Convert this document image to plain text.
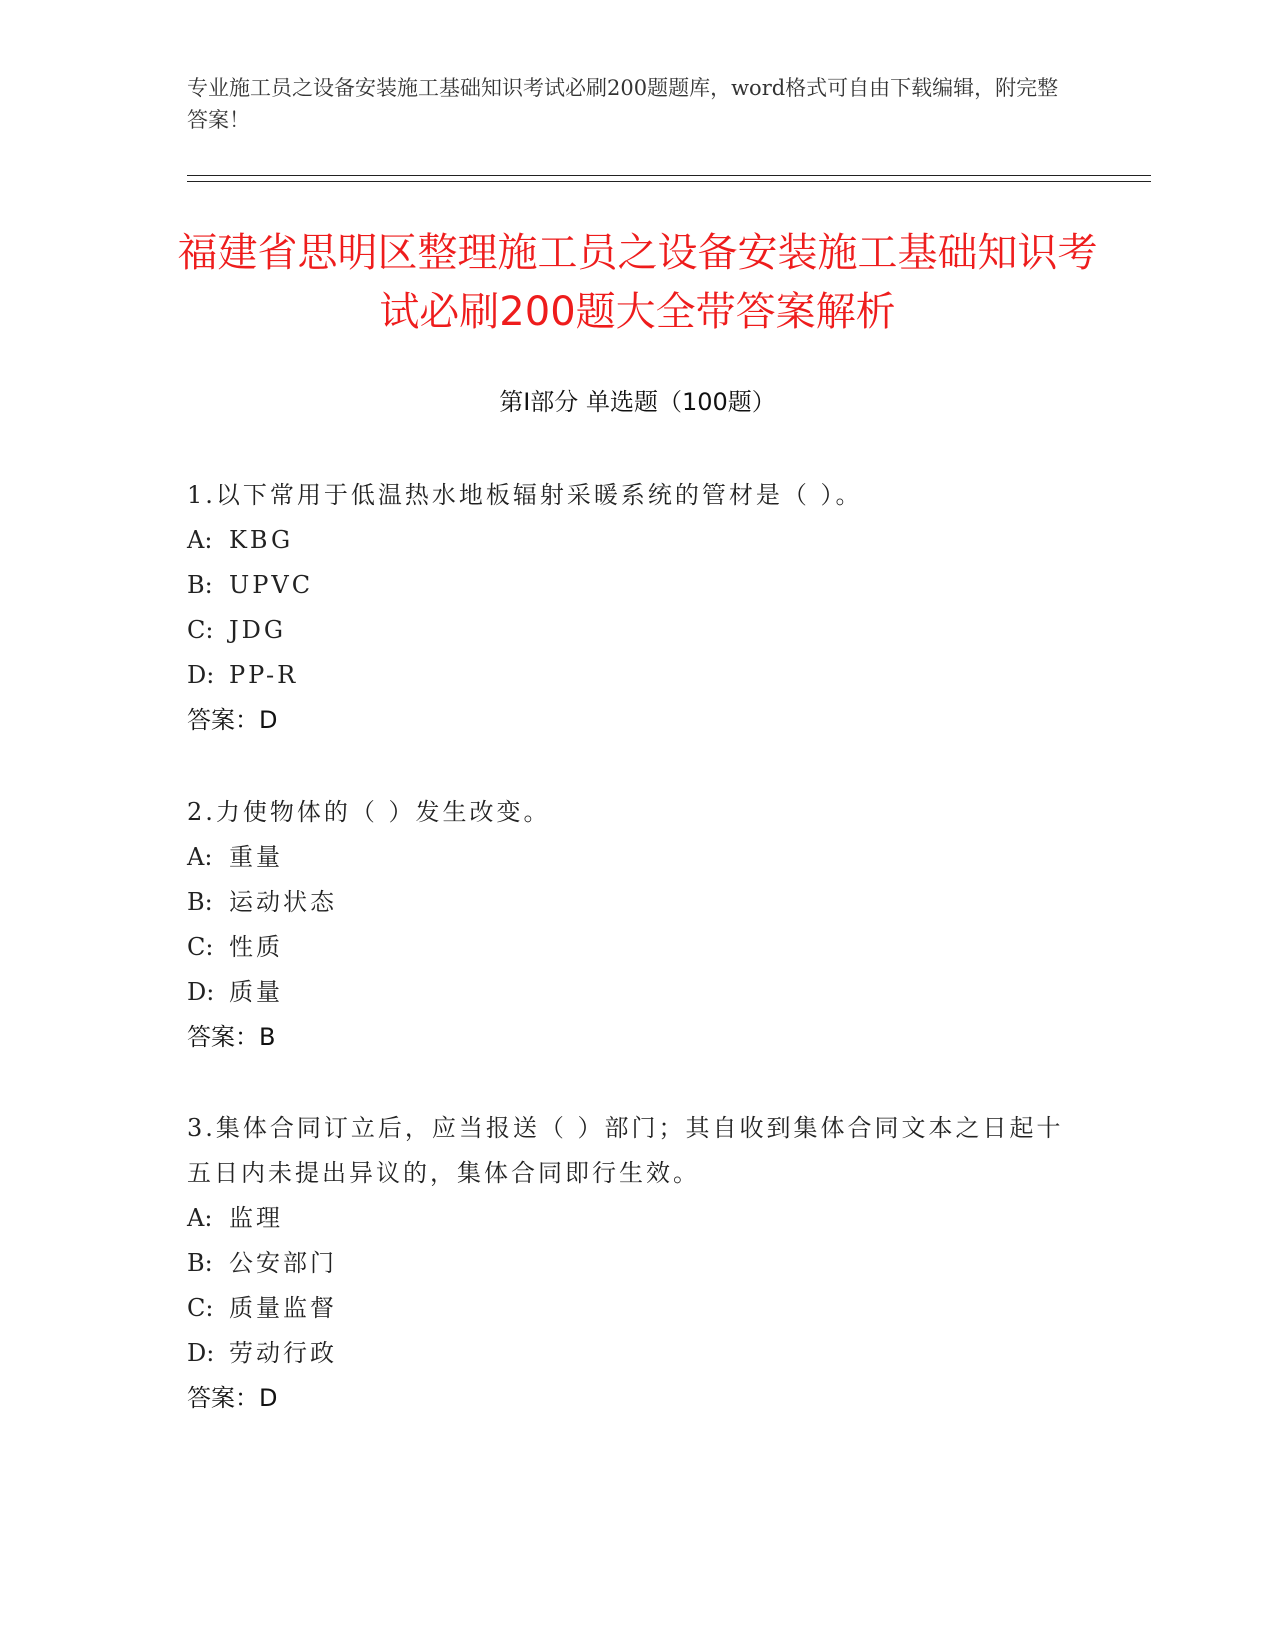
专业施工员之设备安装施工基础知识考试必刷200题题库，word格式可自由下载编辑，附完整答案！
福建省思明区整理施工员之设备安装施工基础知识考试必刷200题大全带答案解析
第Ⅰ部分 单选题（100题）
1.以下常用于低温热水地板辐射采暖系统的管材是（ ）。
A: KBG
B: UPVC
C: JDG
D: PP-R
答案：D
2.力使物体的（ ）发生改变。
A: 重量
B: 运动状态
C: 性质
D: 质量
答案：B
3.集体合同订立后，应当报送（ ）部门；其自收到集体合同文本之日起十五日内未提出异议的，集体合同即行生效。
A: 监理
B: 公安部门
C: 质量监督
D: 劳动行政
答案：D
